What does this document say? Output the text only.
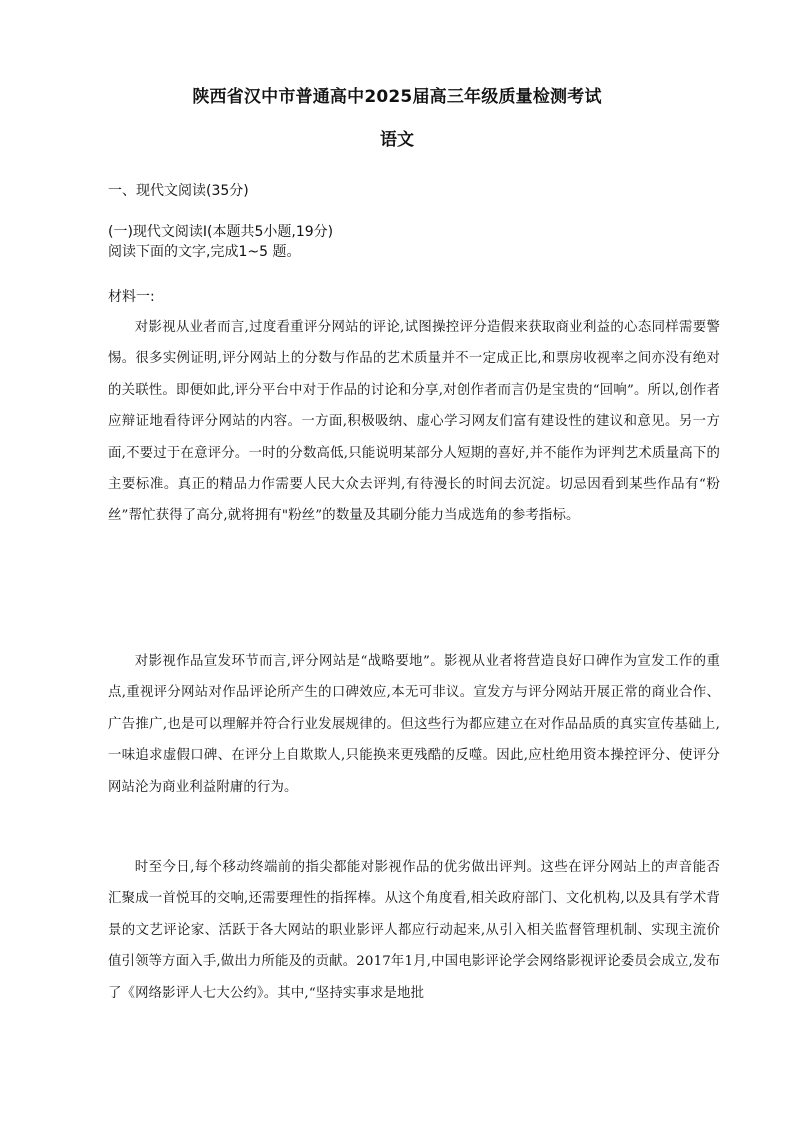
陕西省汉中市普通高中2025届高三年级质量检测考试
语文
一、现代文阅读(35分)
(一)现代文阅读I(本题共5小题,19分)
阅读下面的文字,完成1~5 题。
材料一:

对影视从业者而言,过度看重评分网站的评论,试图操控评分造假来获取商业利益的心态同样需要警惕。很多实例证明,评分网站上的分数与作品的艺术质量并不一定成正比,和票房收视率之间亦没有绝对的关联性。即便如此,评分平台中对于作品的讨论和分享,对创作者而言仍是宝贵的“回响”。所以,创作者应辩证地看待评分网站的内容。一方面,积极吸纳、虚心学习网友们富有建设性的建议和意见。另一方面,不要过于在意评分。一时的分数高低,只能说明某部分人短期的喜好,并不能作为评判艺术质量高下的主要标准。真正的精品力作需要人民大众去评判,有待漫长的时间去沉淀。切忌因看到某些作品有“粉丝”帮忙获得了高分,就将拥有"粉丝”的数量及其刷分能力当成选角的参考指标。

对影视作品宣发环节而言,评分网站是“战略要地”。影视从业者将营造良好口碑作为宣发工作的重点,重视评分网站对作品评论所产生的口碑效应,本无可非议。宣发方与评分网站开展正常的商业合作、广告推广,也是可以理解并符合行业发展规律的。但这些行为都应建立在对作品品质的真实宣传基础上,一味追求虚假口碑、在评分上自欺欺人,只能换来更残酷的反噬。因此,应杜绝用资本操控评分、使评分网站沦为商业利益附庸的行为。

时至今日,每个移动终端前的指尖都能对影视作品的优劣做出评判。这些在评分网站上的声音能否汇聚成一首悦耳的交响,还需要理性的指挥棒。从这个角度看,相关政府部门、文化机构,以及具有学术背景的文艺评论家、活跃于各大网站的职业影评人都应行动起来,从引入相关监督管理机制、实现主流价值引领等方面入手,做出力所能及的贡献。2017年1月,中国电影评论学会网络影视评论委员会成立,发布了《网络影评人七大公约》。其中,“坚持实事求是地批
